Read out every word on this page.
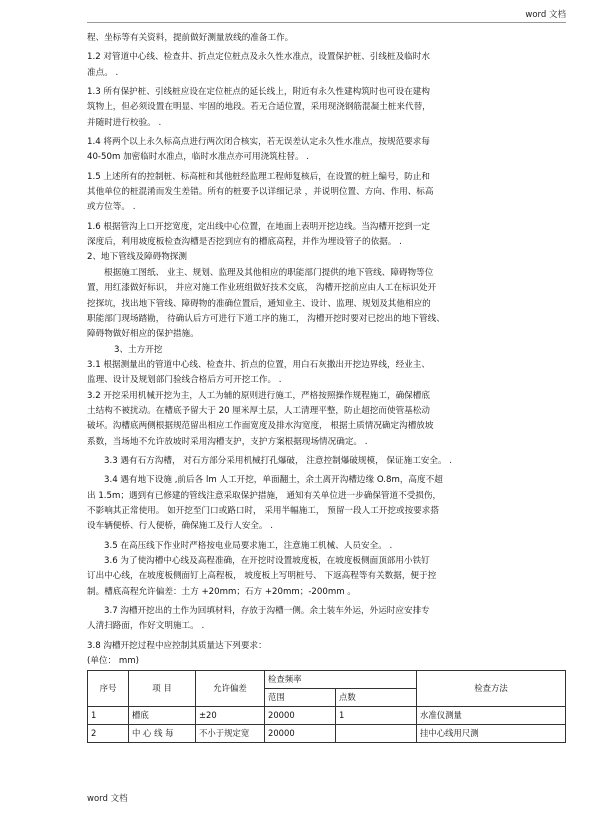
word 文档

程、坐标等有关资料，提前做好测量放线的准备工作。

1.2 对管道中心线、检查井、折点定位桩点及永久性水准点，设置保护桩、引线桩及临时水

准点。 .

1.3 所有保护桩、引线桩应设在定位桩点的延长线上，附近有永久性建构筑时也可设在建构

筑物上，但必须设置在明显、牢固的地段。若无合适位置，采用现浇钢筋混凝土桩来代替，

并随时进行校验。 .

1.4 将两个以上永久标高点进行两次闭合核实，若无误差认定永久性水准点，按规范要求每

40-50m 加密临时水准点，临时水准点亦可用浇筑柱替。 .

1.5 上述所有的控制桩、标高桩和其他桩经监理工程师复核后，在设置的桩上编号，防止和

其他单位的桩混淆而发生差错。所有的桩要予以详细记录 ，并说明位置、方向、作用、标高

或方位等。 .

1.6 根据管沟上口开挖宽度，定出线中心位置，在地面上表明开挖边线。当沟槽开挖到一定

深度后，利用坡度板检查沟槽是否挖到应有的槽底高程，并作为埋设管子的依据。 .

2、地下管线及障碍物探测

根据施工图纸、 业主、规划、监理及其他相应的职能部门提供的地下管线、障碍物等位

置，用红漆做好标识， 并应对施工作业班组做好技术交底， 沟槽开挖前应由人工在标识处开

挖探坑，找出地下管线、障碍物的准确位置后，通知业主、设计、监理、规划及其他相应的

职能部门现场踏勘， 待确认后方可进行下道工序的施工， 沟槽开挖时要对已挖出的地下管线、

障碍物做好相应的保护措施。

3、土方开挖

3.1 根据测量出的管道中心线、检查井、折点的位置，用白石灰撒出开挖边界线，经业主、

监理、设计及规划部门验线合格后方可开挖工作。 .

3.2 开挖采用机械开挖为主，人工为辅的原则进行施工，严格按照操作规程施工，确保槽底

土结构不被扰动。在槽底予留大于 20 厘米厚土层，人工清理平整，防止超挖而使管基松动

破坏。沟槽底两侧根据规范留出相应工作面宽度及排水沟宽度， 根据土质情况确定沟槽放坡

系数，当场地不允许放坡时采用沟槽支护，支护方案根据现场情况确定。 .

3.3 遇有石方沟槽， 对石方部分采用机械打孔爆破， 注意控制爆破规模， 保证施工安全。 .

3.4 遇有地下设施 ,前后各 lm 人工开挖，单面翻土，余土离开沟槽边缘 O.8m，高度不超

出 1.5m；遇到有已修建的管线注意采取保护措施， 通知有关单位进一步确保管道不受损伤，

不影响其正常使用。 如开挖至门口或路口时， 采用半幅施工， 预留一段人工开挖或按要求搭

设车辆便桥、行人便桥，确保施工及行人安全。 .

3.5 在高压线下作业时严格按电业局要求施工，注意施工机械、人员安全。 .

3.6 为了使沟槽中心线及高程准确，在开挖时设置坡度板，在坡度板侧面顶部用小铁钉

订出中心线，在坡度板侧面钉上高程板， 坡度板上写明桩号、 下返高程等有关数据，便于控

制。槽底高程允许偏差：土方 +20mm；石方 +20mm；-200mm 。

3.7 沟槽开挖出的土作为回填材料，存放于沟槽一侧。余土装车外运，外运时应安排专

人清扫路面，作好文明施工。 .

3.8 沟槽开挖过程中应控制其质量达下列要求：

(单位： mm)

序号	项 目	允许偏差	检查频率		检查方法
			范围	点数	
1	槽底	±20	20000	1	水准仪测量
2	中 心 线 每	不小于规定宽	20000		挂中心线用尺测
word 文档
